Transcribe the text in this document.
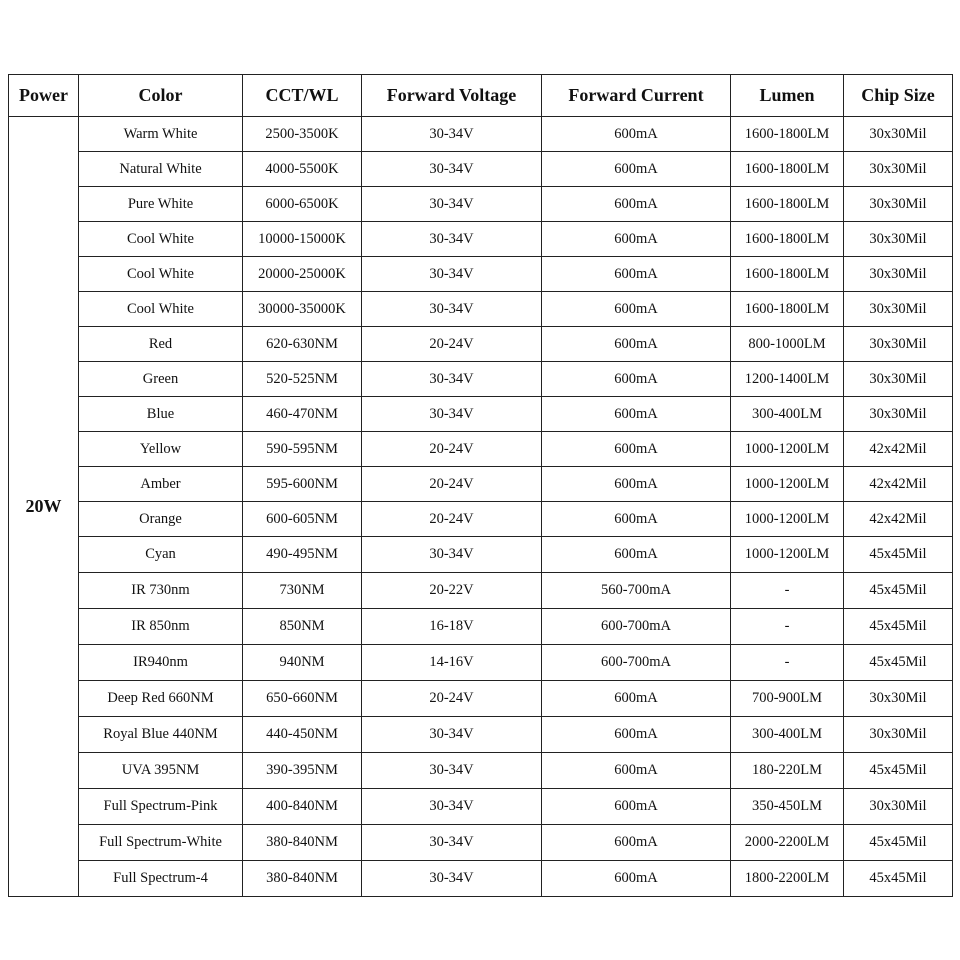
Power	Color	CCT/WL	Forward Voltage	Forward Current	Lumen	Chip Size
20W	Warm White	2500-3500K	30-34V	600mA	1600-1800LM	30x30Mil
	Natural White	4000-5500K	30-34V	600mA	1600-1800LM	30x30Mil
	Pure White	6000-6500K	30-34V	600mA	1600-1800LM	30x30Mil
	Cool White	10000-15000K	30-34V	600mA	1600-1800LM	30x30Mil
	Cool White	20000-25000K	30-34V	600mA	1600-1800LM	30x30Mil
	Cool White	30000-35000K	30-34V	600mA	1600-1800LM	30x30Mil
	Red	620-630NM	20-24V	600mA	800-1000LM	30x30Mil
	Green	520-525NM	30-34V	600mA	1200-1400LM	30x30Mil
	Blue	460-470NM	30-34V	600mA	300-400LM	30x30Mil
	Yellow	590-595NM	20-24V	600mA	1000-1200LM	42x42Mil
	Amber	595-600NM	20-24V	600mA	1000-1200LM	42x42Mil
	Orange	600-605NM	20-24V	600mA	1000-1200LM	42x42Mil
	Cyan	490-495NM	30-34V	600mA	1000-1200LM	45x45Mil
	IR 730nm	730NM	20-22V	560-700mA	-	45x45Mil
	IR 850nm	850NM	16-18V	600-700mA	-	45x45Mil
	IR940nm	940NM	14-16V	600-700mA	-	45x45Mil
	Deep Red 660NM	650-660NM	20-24V	600mA	700-900LM	30x30Mil
	Royal Blue 440NM	440-450NM	30-34V	600mA	300-400LM	30x30Mil
	UVA 395NM	390-395NM	30-34V	600mA	180-220LM	45x45Mil
	Full Spectrum-Pink	400-840NM	30-34V	600mA	350-450LM	30x30Mil
	Full Spectrum-White	380-840NM	30-34V	600mA	2000-2200LM	45x45Mil
	Full Spectrum-4	380-840NM	30-34V	600mA	1800-2200LM	45x45Mil
